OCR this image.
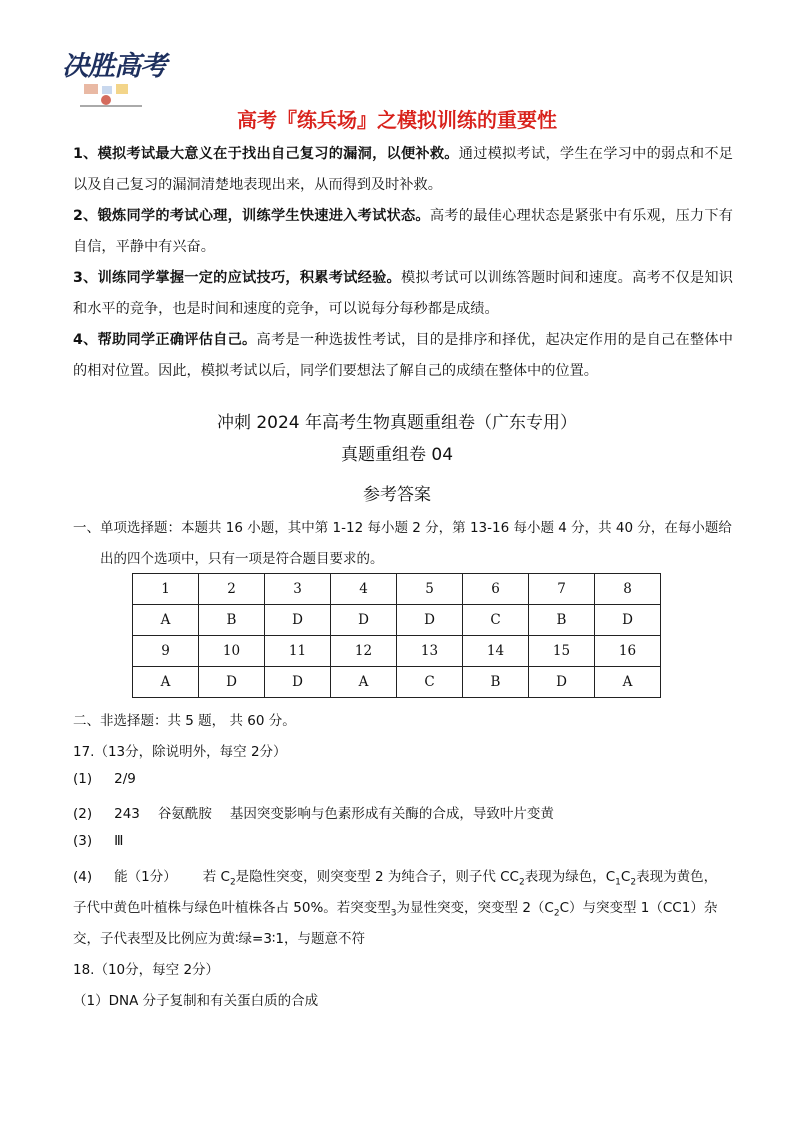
决胜高考
高考『练兵场』之模拟训练的重要性
1、模拟考试最大意义在于找出自己复习的漏洞，以便补救。通过模拟考试，学生在学习中的弱点和不足以及自己复习的漏洞清楚地表现出来，从而得到及时补救。
2、锻炼同学的考试心理，训练学生快速进入考试状态。高考的最佳心理状态是紧张中有乐观，压力下有自信，平静中有兴奋。
3、训练同学掌握一定的应试技巧，积累考试经验。模拟考试可以训练答题时间和速度。高考不仅是知识和水平的竞争，也是时间和速度的竞争，可以说每分每秒都是成绩。
4、帮助同学正确评估自己。高考是一种选拔性考试，目的是排序和择优，起决定作用的是自己在整体中的相对位置。因此，模拟考试以后，同学们要想法了解自己的成绩在整体中的位置。
冲刺 2024 年高考生物真题重组卷（广东专用）
真题重组卷 04
参考答案
一、单项选择题：本题共 16 小题，其中第 1-12 每小题 2 分，第 13-16 每小题 4 分，共 40 分，在每小题给
出的四个选项中，只有一项是符合题目要求的。
1	2	3	4	5	6	7	8
A	B	D	D	D	C	B	D
9	10	11	12	13	14	15	16
A	D	D	A	C	B	D	A
二、非选择题：共 5 题， 共 60 分。
17.（13分，除说明外，每空 2分）
(1) 2/9
(2) 243 谷氨酰胺 基因突变影响与色素形成有关酶的合成，导致叶片变黄
(3) Ⅲ
(4) 能（1分） 若 $C_2$是隐性突变，则突变型 2 为纯合子，则子代 $CC_2$表现为绿色，$C_1C_2$表现为黄色，
子代中黄色叶植株与绿色叶植株各占 50%。若突变型$_3$为显性突变，突变型 $2(C_2C)$与突变型 1（CC1）杂
交，子代表型及比例应为黄∶绿=3∶1，与题意不符
18.（10分，每空 2分）
（1）DNA 分子复制和有关蛋白质的合成
